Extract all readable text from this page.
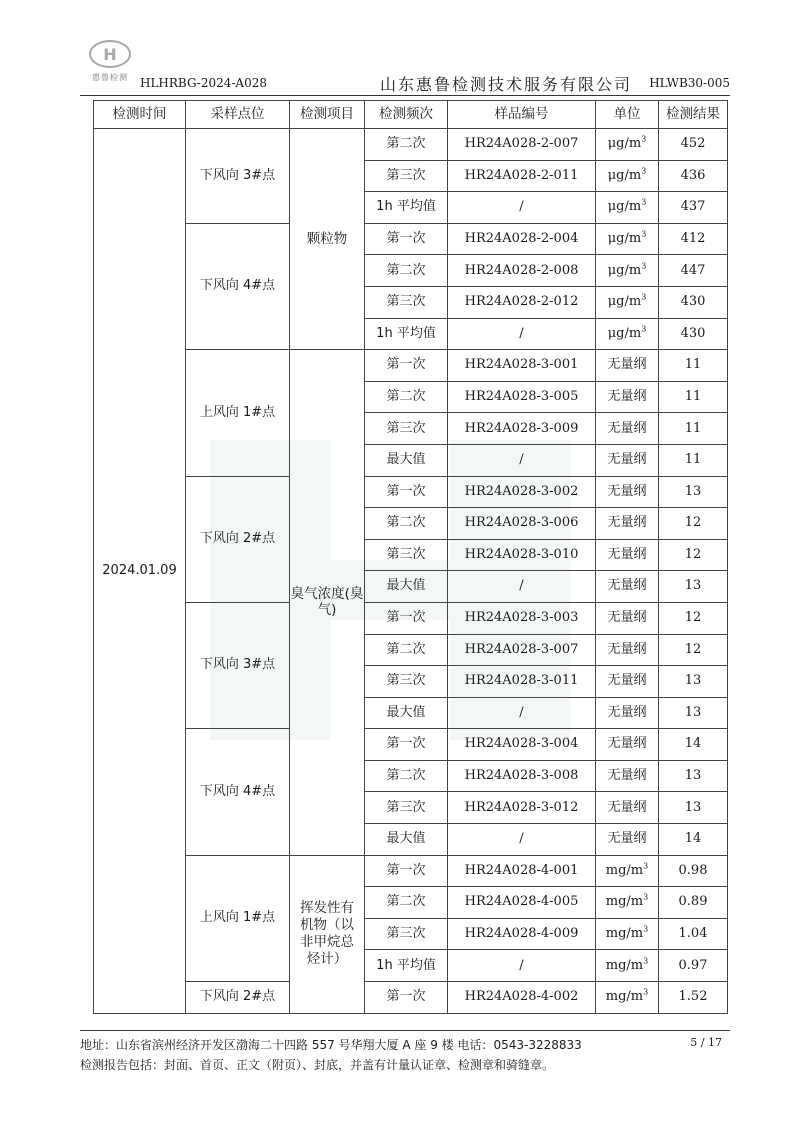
H
惠鲁检测	HLHRBG-2024-A028	山东惠鲁检测技术服务有限公司 HLWB30-005
检测时间	采样点位	检测项目	检测频次	样品编号	单位	检测结果
2024.01.09	下风向 3#点	颗粒物	第二次	HR24A028-2-007	$\mu g/m^3$	452
			第三次	HR24A028-2-011	$\mu g/m^3$	436
			1h 平均值	/	$\mu g/m^3$	437
	下风向 4#点		第一次	HR24A028-2-004	$\mu g/m^3$	412
			第二次	HR24A028-2-008	$\mu g/m^3$	447
			第三次	HR24A028-2-012	$\mu g/m^3$	430
			1h 平均值	/	$\mu g/m^3$	430
	上风向 1#点	臭气浓度(臭气)	第一次	HR24A028-3-001	无量纲	11
			第二次	HR24A028-3-005	无量纲	11
			第三次	HR24A028-3-009	无量纲	11
			最大值	/	无量纲	11
	下风向 2#点		第一次	HR24A028-3-002	无量纲	13
			第二次	HR24A028-3-006	无量纲	12
			第三次	HR24A028-3-010	无量纲	12
			最大值	/	无量纲	13
	下风向 3#点		第一次	HR24A028-3-003	无量纲	12
			第二次	HR24A028-3-007	无量纲	12
			第三次	HR24A028-3-011	无量纲	13
			最大值	/	无量纲	13
	下风向 4#点		第一次	HR24A028-3-004	无量纲	14
			第二次	HR24A028-3-008	无量纲	13
			第三次	HR24A028-3-012	无量纲	13
			最大值	/	无量纲	14
	上风向 1#点	挥发性有机物（以非甲烷总烃计）	第一次	HR24A028-4-001	$mg/m^3$	0.98
			第二次	HR24A028-4-005	$mg/m^3$	0.89
			第三次	HR24A028-4-009	$mg/m^3$	1.04
			1h 平均值	/	$mg/m^3$	0.97
	下风向 2#点		第一次	HR24A028-4-002	$mg/m^3$	1.52
地址：山东省滨州经济开发区渤海二十四路 557 号华翔大厦 A 座 9 楼 电话：0543-3228833	5 / 17
检测报告包括：封面、首页、正文（附页）、封底，并盖有计量认证章、检测章和骑缝章。
